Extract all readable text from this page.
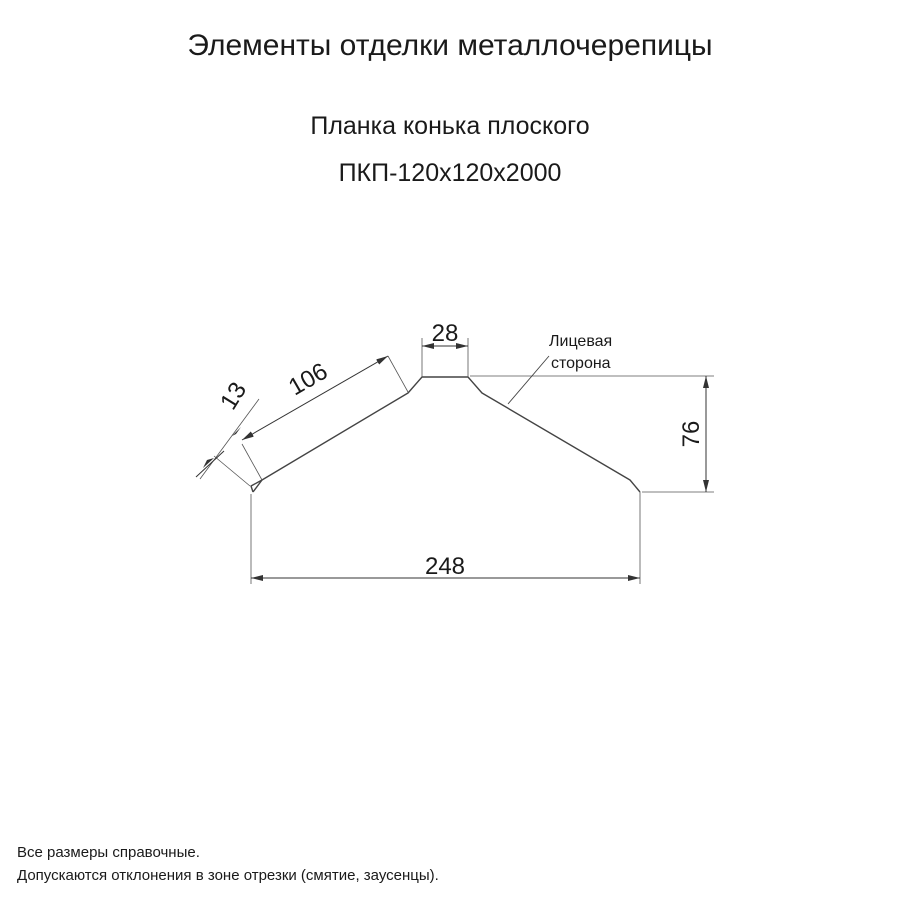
Элементы отделки металлочерепицы
Планка конька плоского
ПКП-120х120х2000
248
28
76
106
13
Лицевая
сторона
Все размеры справочные.
Допускаются отклонения в зоне отрезки (смятие, заусенцы).
